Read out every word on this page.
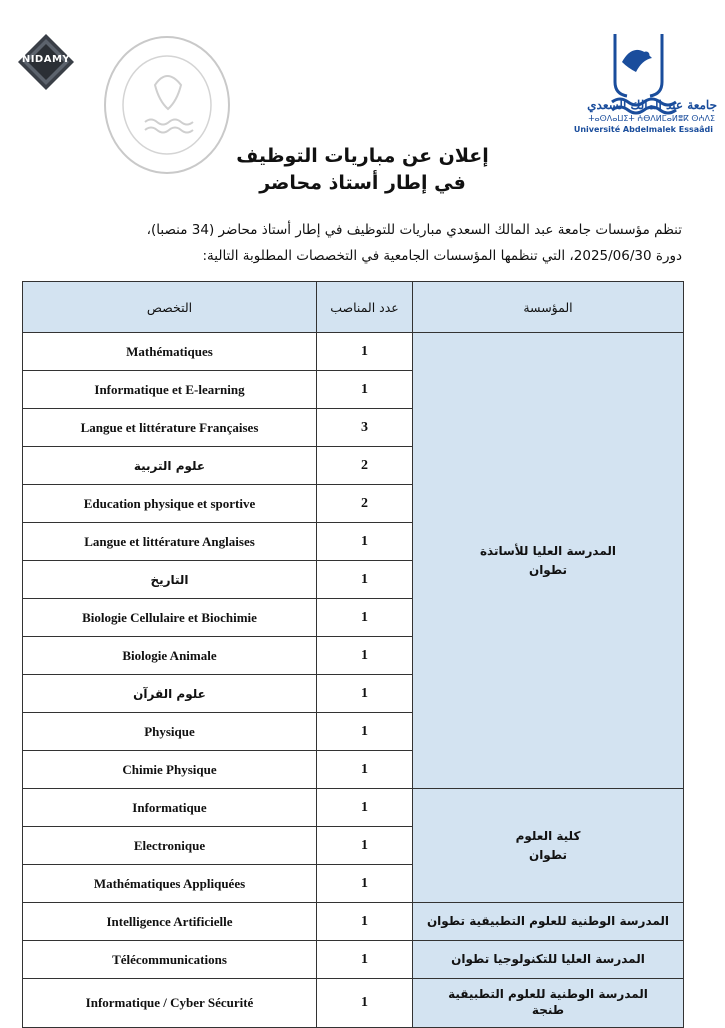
NIDAMY
جامعة عبد المالك السعدي
ⵜⴰⵙⴷⴰⵡⵉⵜ ⵄⴱⴷⵍⵎⴰⵍⴻⴽ ⵙⵄⴷⵉ
Université Abdelmalek Essaâdi
إعلان عن مباريات التوظيف
في إطار أستاذ محاضر
تنظم مؤسسات جامعة عبد المالك السعدي مباريات للتوظيف في إطار أستاذ محاضر (34 منصبا)،
دورة 2025/06/30، التي تنظمها المؤسسات الجامعية في التخصصات المطلوبة التالية:
التخصص	عدد المناصب	المؤسسة
Mathématiques	1	المدرسة العليا للأساتذة
تطوان

Informatique et E-learning	1	
Langue et littérature Françaises	3	
علوم التربية	2	
Education physique et sportive	2	
Langue et littérature Anglaises	1	
التاريخ	1	
Biologie Cellulaire et Biochimie	1	
Biologie Animale	1	
علوم القرآن	1	
Physique	1	
Chimie Physique	1	
Informatique	1	كلية العلوم
تطوان

Electronique	1	
Mathématiques Appliquées	1	
Intelligence Artificielle	1	المدرسة الوطنية للعلوم التطبيقية تطوان

Télécommunications	1	المدرسة العليا للتكنولوجيا تطوان

Informatique / Cyber Sécurité	1	المدرسة الوطنية للعلوم التطبيقية
طنجة
